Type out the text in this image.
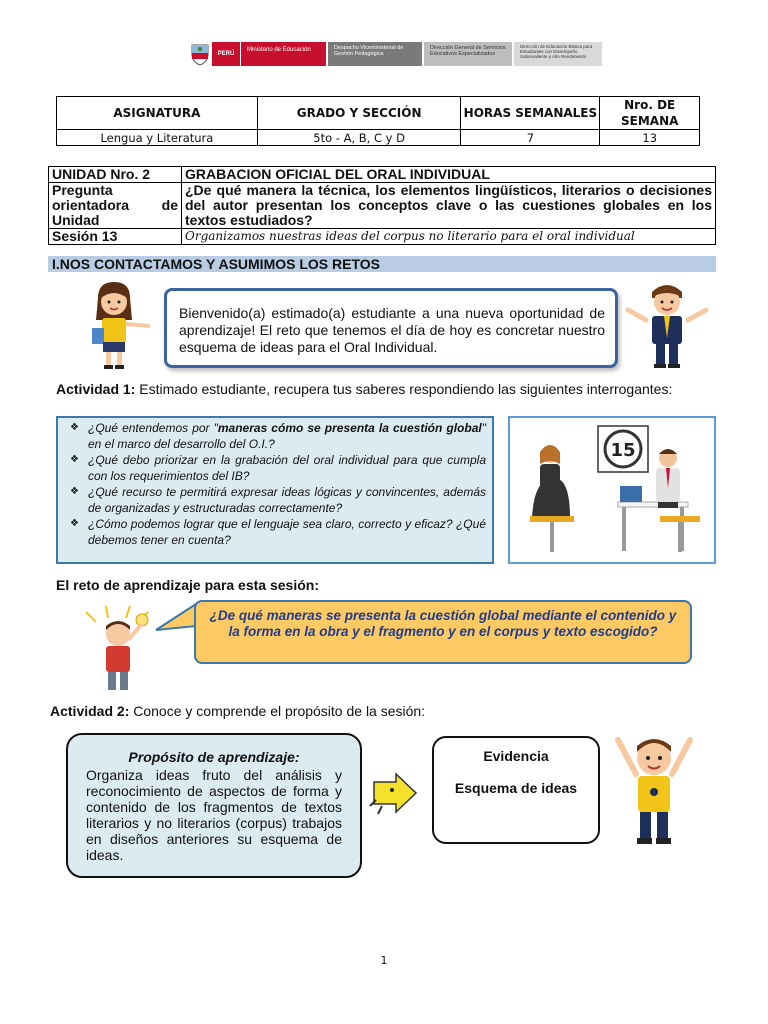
PERÚ
Ministerio de Educación	Despacho Viceministerial de Gestión Pedagógica
Dirección General de Servicios Educativos Especializados
Dirección de Educación Básica para Estudiantes con Desempeño Sobresaliente y Alto Rendimiento
ASIGNATURA	GRADO Y SECCIÓN	HORAS SEMANALES	Nro. DE SEMANA
Lengua y Literatura	5to - A, B, C y D	7	13
UNIDAD Nro. 2	GRABACION OFICIAL DEL ORAL INDIVIDUAL
Pregunta orientadora de Unidad	¿De qué manera la técnica, los elementos lingüísticos, literarios o decisiones del autor presentan los conceptos clave o las cuestiones globales en los textos estudiados?
Sesión 13	Organizamos nuestras ideas del corpus no literario para el oral individual
I.NOS CONTACTAMOS Y ASUMIMOS LOS RETOS
Bienvenido(a) estimado(a) estudiante a una nueva oportunidad de aprendizaje! El reto que tenemos el día de hoy es concretar nuestro esquema de ideas para el Oral Individual.
Actividad 1: Estimado estudiante, recupera tus saberes respondiendo las siguientes interrogantes:
❖ ¿Qué entendemos por "maneras cómo se presenta la cuestión global" en el marco del desarrollo del O.I.?
❖ ¿Qué debo priorizar en la grabación del oral individual para que cumpla con los requerimientos del IB?
❖ ¿Qué recurso te permitirá expresar ideas lógicas y convincentes, además de organizadas y estructuradas correctamente?
❖ ¿Cómo podemos lograr que el lenguaje sea claro, correcto y eficaz? ¿Qué debemos tener en cuenta?
15
El reto de aprendizaje para esta sesión:
¿De qué maneras se presenta la cuestión global mediante el contenido y la forma en la obra y el fragmento y en el corpus y texto escogido?
Actividad 2: Conoce y comprende el propósito de la sesión:
Propósito de aprendizaje:
Organiza ideas fruto del análisis y reconocimiento de aspectos de forma y contenido de los fragmentos de textos literarios y no literarios (corpus) trabajos en diseños anteriores su esquema de ideas.
Evidencia
Esquema de ideas
1
